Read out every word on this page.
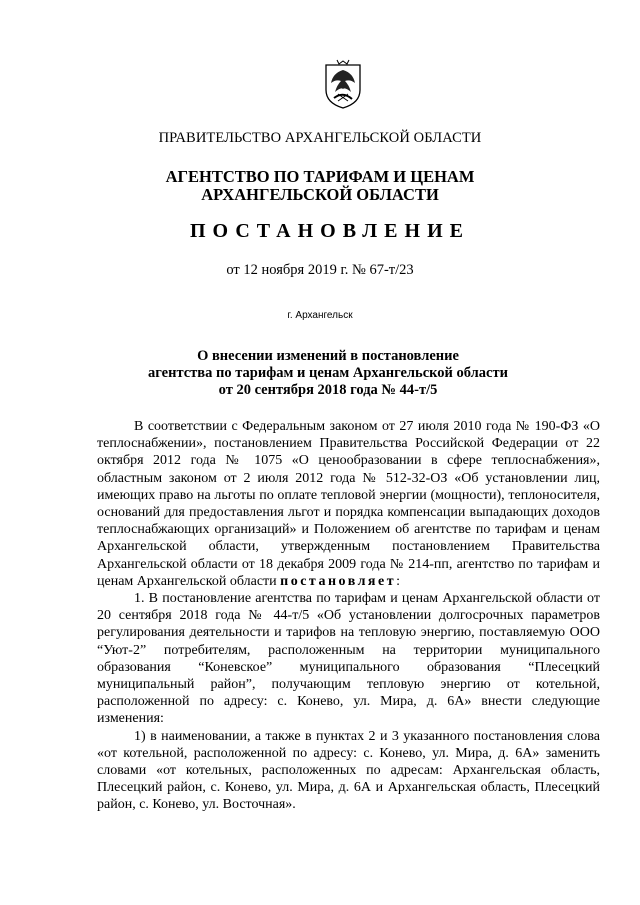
ПРАВИТЕЛЬСТВО АРХАНГЕЛЬСКОЙ ОБЛАСТИ

АГЕНТСТВО ПО ТАРИФАМ И ЦЕНАМ
АРХАНГЕЛЬСКОЙ ОБЛАСТИ

ПОСТАНОВЛЕНИЕ

от 12 ноября 2019 г. № 67-т/23

г. Архангельск

О внесении изменений в постановление
агентства по тарифам и ценам Архангельской области
от 20 сентября 2018 года № 44-т/5

В соответствии с Федеральным законом от 27 июля 2010 года № 190-ФЗ «О теплоснабжении», постановлением Правительства Российской Федерации от 22 октября 2012 года № 1075 «О ценообразовании в сфере теплоснабжения», областным законом от 2 июля 2012 года № 512-32-ОЗ «Об установлении лиц, имеющих право на льготы по оплате тепловой энергии (мощности), теплоносителя, оснований для предоставления льгот и порядка компенсации выпадающих доходов теплоснабжающих организаций» и Положением об агентстве по тарифам и ценам Архангельской области, утвержденным постановлением Правительства Архангельской области от 18 декабря 2009 года № 214-пп, агентство по тарифам и ценам Архангельской области постановляет:

1. В постановление агентства по тарифам и ценам Архангельской области от 20 сентября 2018 года № 44-т/5 «Об установлении долгосрочных параметров регулирования деятельности и тарифов на тепловую энергию, поставляемую ООО “Уют-2” потребителям, расположенным на территории муниципального образования “Коневское” муниципального образования “Плесецкий муниципальный район”, получающим тепловую энергию от котельной, расположенной по адресу: с. Конево, ул. Мира, д. 6А» внести следующие изменения:

1) в наименовании, а также в пунктах 2 и 3 указанного постановления слова «от котельной, расположенной по адресу: с. Конево, ул. Мира, д. 6А» заменить словами «от котельных, расположенных по адресам: Архангельская область, Плесецкий район, с. Конево, ул. Мира, д. 6А и Архангельская область, Плесецкий район, с. Конево, ул. Восточная».
